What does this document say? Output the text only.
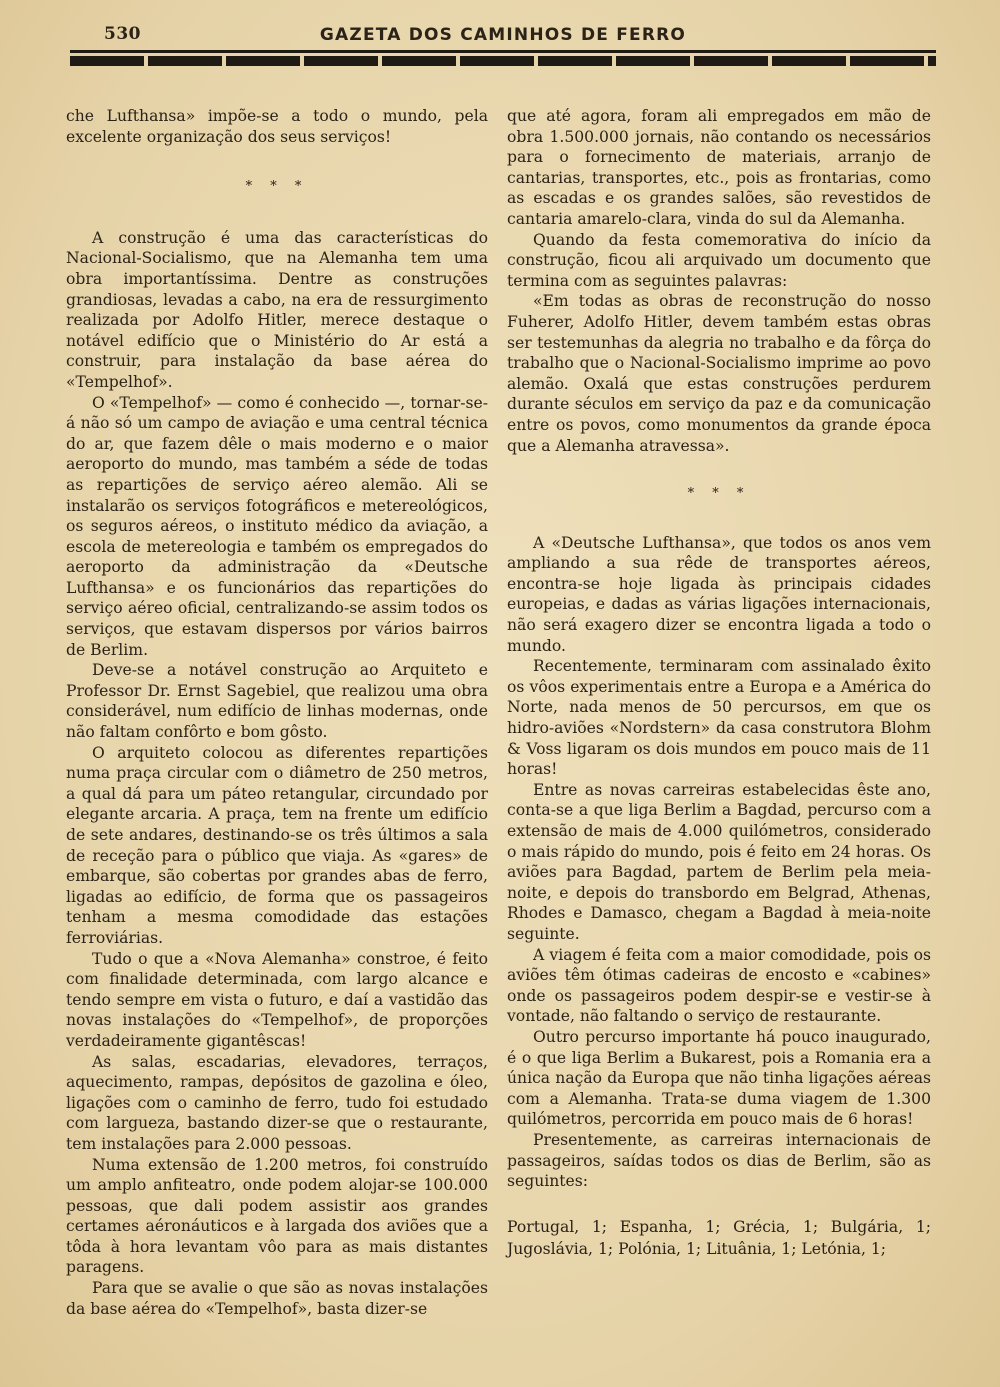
530	GAZETA DOS CAMINHOS DE FERRO

che Lufthansa» impõe-se a todo o mundo, pela excelente organização dos seus serviços!

* * *

A construção é uma das características do Nacional-Socialismo, que na Alemanha tem uma obra importantíssima. Dentre as construções grandiosas, levadas a cabo, na era de ressurgimento realizada por Adolfo Hitler, merece destaque o notável edifício que o Ministério do Ar está a construir, para instalação da base aérea do «Tempelhof».

O «Tempelhof» — como é conhecido —, tornar-se-á não só um campo de aviação e uma central técnica do ar, que fazem dêle o mais moderno e o maior aeroporto do mundo, mas também a séde de todas as repartições de serviço aéreo alemão. Ali se instalarão os serviços fotográficos e metereológicos, os seguros aéreos, o instituto médico da aviação, a escola de metereologia e também os empregados do aeroporto da administração da «Deutsche Lufthansa» e os funcionários das repartições do serviço aéreo oficial, centralizando-se assim todos os serviços, que estavam dispersos por vários bairros de Berlim.

Deve-se a notável construção ao Arquiteto e Professor Dr. Ernst Sagebiel, que realizou uma obra considerável, num edifício de linhas modernas, onde não faltam confôrto e bom gôsto.

O arquiteto colocou as diferentes repartições numa praça circular com o diâmetro de 250 metros, a qual dá para um páteo retangular, circundado por elegante arcaria. A praça, tem na frente um edifício de sete andares, destinando-se os três últimos a sala de receção para o público que viaja. As «gares» de embarque, são cobertas por grandes abas de ferro, ligadas ao edifício, de forma que os passageiros tenham a mesma comodidade das estações ferroviárias.

Tudo o que a «Nova Alemanha» constroe, é feito com finalidade determinada, com largo alcance e tendo sempre em vista o futuro, e daí a vastidão das novas instalações do «Tempelhof», de proporções verdadeiramente gigantêscas!

As salas, escadarias, elevadores, terraços, aquecimento, rampas, depósitos de gazolina e óleo, ligações com o caminho de ferro, tudo foi estudado com largueza, bastando dizer-se que o restaurante, tem instalações para 2.000 pessoas.

Numa extensão de 1.200 metros, foi construído um amplo anfiteatro, onde podem alojar-se 100.000 pessoas, que dali podem assistir aos grandes certames aéronáuticos e à largada dos aviões que a tôda à hora levantam vôo para as mais distantes paragens.

Para que se avalie o que são as novas instalações da base aérea do «Tempelhof», basta dizer-se

que até agora, foram ali empregados em mão de obra 1.500.000 jornais, não contando os necessários para o fornecimento de materiais, arranjo de cantarias, transportes, etc., pois as frontarias, como as escadas e os grandes salões, são revestidos de cantaria amarelo-clara, vinda do sul da Alemanha.

Quando da festa comemorativa do início da construção, ficou ali arquivado um documento que termina com as seguintes palavras:

«Em todas as obras de reconstrução do nosso Fuherer, Adolfo Hitler, devem também estas obras ser testemunhas da alegria no trabalho e da fôrça do trabalho que o Nacional-Socialismo imprime ao povo alemão. Oxalá que estas construções perdurem durante séculos em serviço da paz e da comunicação entre os povos, como monumentos da grande época que a Alemanha atravessa».

* * *

A «Deutsche Lufthansa», que todos os anos vem ampliando a sua rêde de transportes aéreos, encontra-se hoje ligada às principais cidades europeias, e dadas as várias ligações internacionais, não será exagero dizer se encontra ligada a todo o mundo.

Recentemente, terminaram com assinalado êxito os vôos experimentais entre a Europa e a América do Norte, nada menos de 50 percursos, em que os hidro-aviões «Nordstern» da casa construtora Blohm & Voss ligaram os dois mundos em pouco mais de 11 horas!

Entre as novas carreiras estabelecidas êste ano, conta-se a que liga Berlim a Bagdad, percurso com a extensão de mais de 4.000 quilómetros, considerado o mais rápido do mundo, pois é feito em 24 horas. Os aviões para Bagdad, partem de Berlim pela meia-noite, e depois do transbordo em Belgrad, Athenas, Rhodes e Damasco, chegam a Bagdad à meia-noite seguinte.

A viagem é feita com a maior comodidade, pois os aviões têm ótimas cadeiras de encosto e «cabines» onde os passageiros podem despir-se e vestir-se à vontade, não faltando o serviço de restaurante.

Outro percurso importante há pouco inaugurado, é o que liga Berlim a Bukarest, pois a Romania era a única nação da Europa que não tinha ligações aéreas com a Alemanha. Trata-se duma viagem de 1.300 quilómetros, percorrida em pouco mais de 6 horas!

Presentemente, as carreiras internacionais de passageiros, saídas todos os dias de Berlim, são as seguintes:

Portugal, 1; Espanha, 1; Grécia, 1; Bulgária, 1; Jugoslávia, 1; Polónia, 1; Lituânia, 1; Letónia, 1;
